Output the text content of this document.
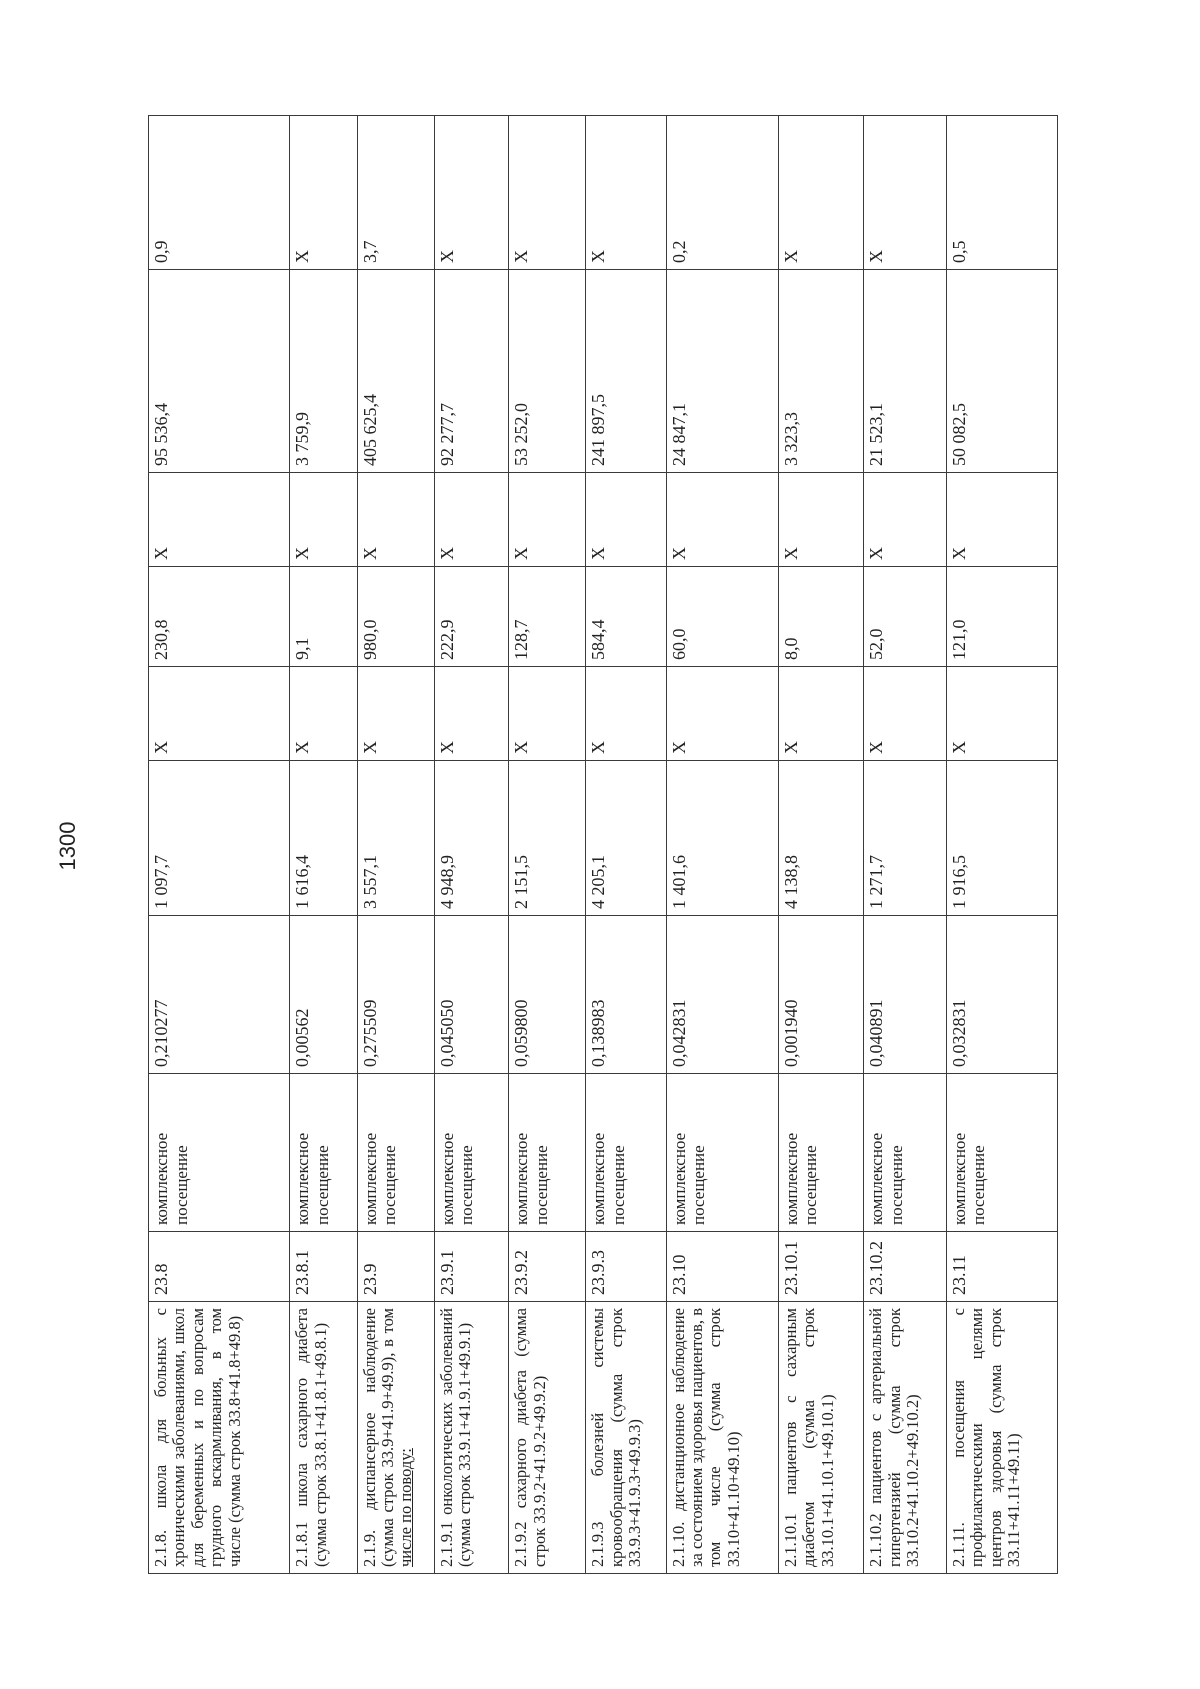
1300
2.1.8. школа для больных с хроническими заболеваниями, школ для беременных и по вопросам грудного вскармливания, в том числе (сумма строк 33.8+41.8+49.8)	23.8	комплексное посещение	0,210277	1 097,7	X	230,8	X	95 536,4	0,9
2.1.8.1 школа сахарного диабета (сумма строк 33.8.1+41.8.1+49.8.1)	23.8.1	комплексное посещение	0,00562	1 616,4	X	9,1	X	3 759,9	X
2.1.9. диспансерное наблюдение (сумма строк 33.9+41.9+49.9), в том числе по поводу:	23.9	комплексное посещение	0,275509	3 557,1	X	980,0	X	405 625,4	3,7
2.1.9.1 онкологических заболеваний (сумма строк 33.9.1+41.9.1+49.9.1)	23.9.1	комплексное посещение	0,045050	4 948,9	X	222,9	X	92 277,7	X
2.1.9.2 сахарного диабета (сумма строк 33.9.2+41.9.2+49.9.2)	23.9.2	комплексное посещение	0,059800	2 151,5	X	128,7	X	53 252,0	X
2.1.9.3 болезней системы кровообращения (сумма строк 33.9.3+41.9.3+49.9.3)	23.9.3	комплексное посещение	0,138983	4 205,1	X	584,4	X	241 897,5	X
2.1.10. дистанционное наблюдение за состоянием здоровья пациентов, в том числе (сумма строк 33.10+41.10+49.10)	23.10	комплексное посещение	0,042831	1 401,6	X	60,0	X	24 847,1	0,2
2.1.10.1 пациентов с сахарным диабетом (сумма строк 33.10.1+41.10.1+49.10.1)	23.10.1	комплексное посещение	0,001940	4 138,8	X	8,0	X	3 323,3	X
2.1.10.2 пациентов с артериальной гипертензией (сумма строк 33.10.2+41.10.2+49.10.2)	23.10.2	комплексное посещение	0,040891	1 271,7	X	52,0	X	21 523,1	X
2.1.11. посещения с профилактическими целями центров здоровья (сумма строк 33.11+41.11+49.11)	23.11	комплексное посещение	0,032831	1 916,5	X	121,0	X	50 082,5	0,5
